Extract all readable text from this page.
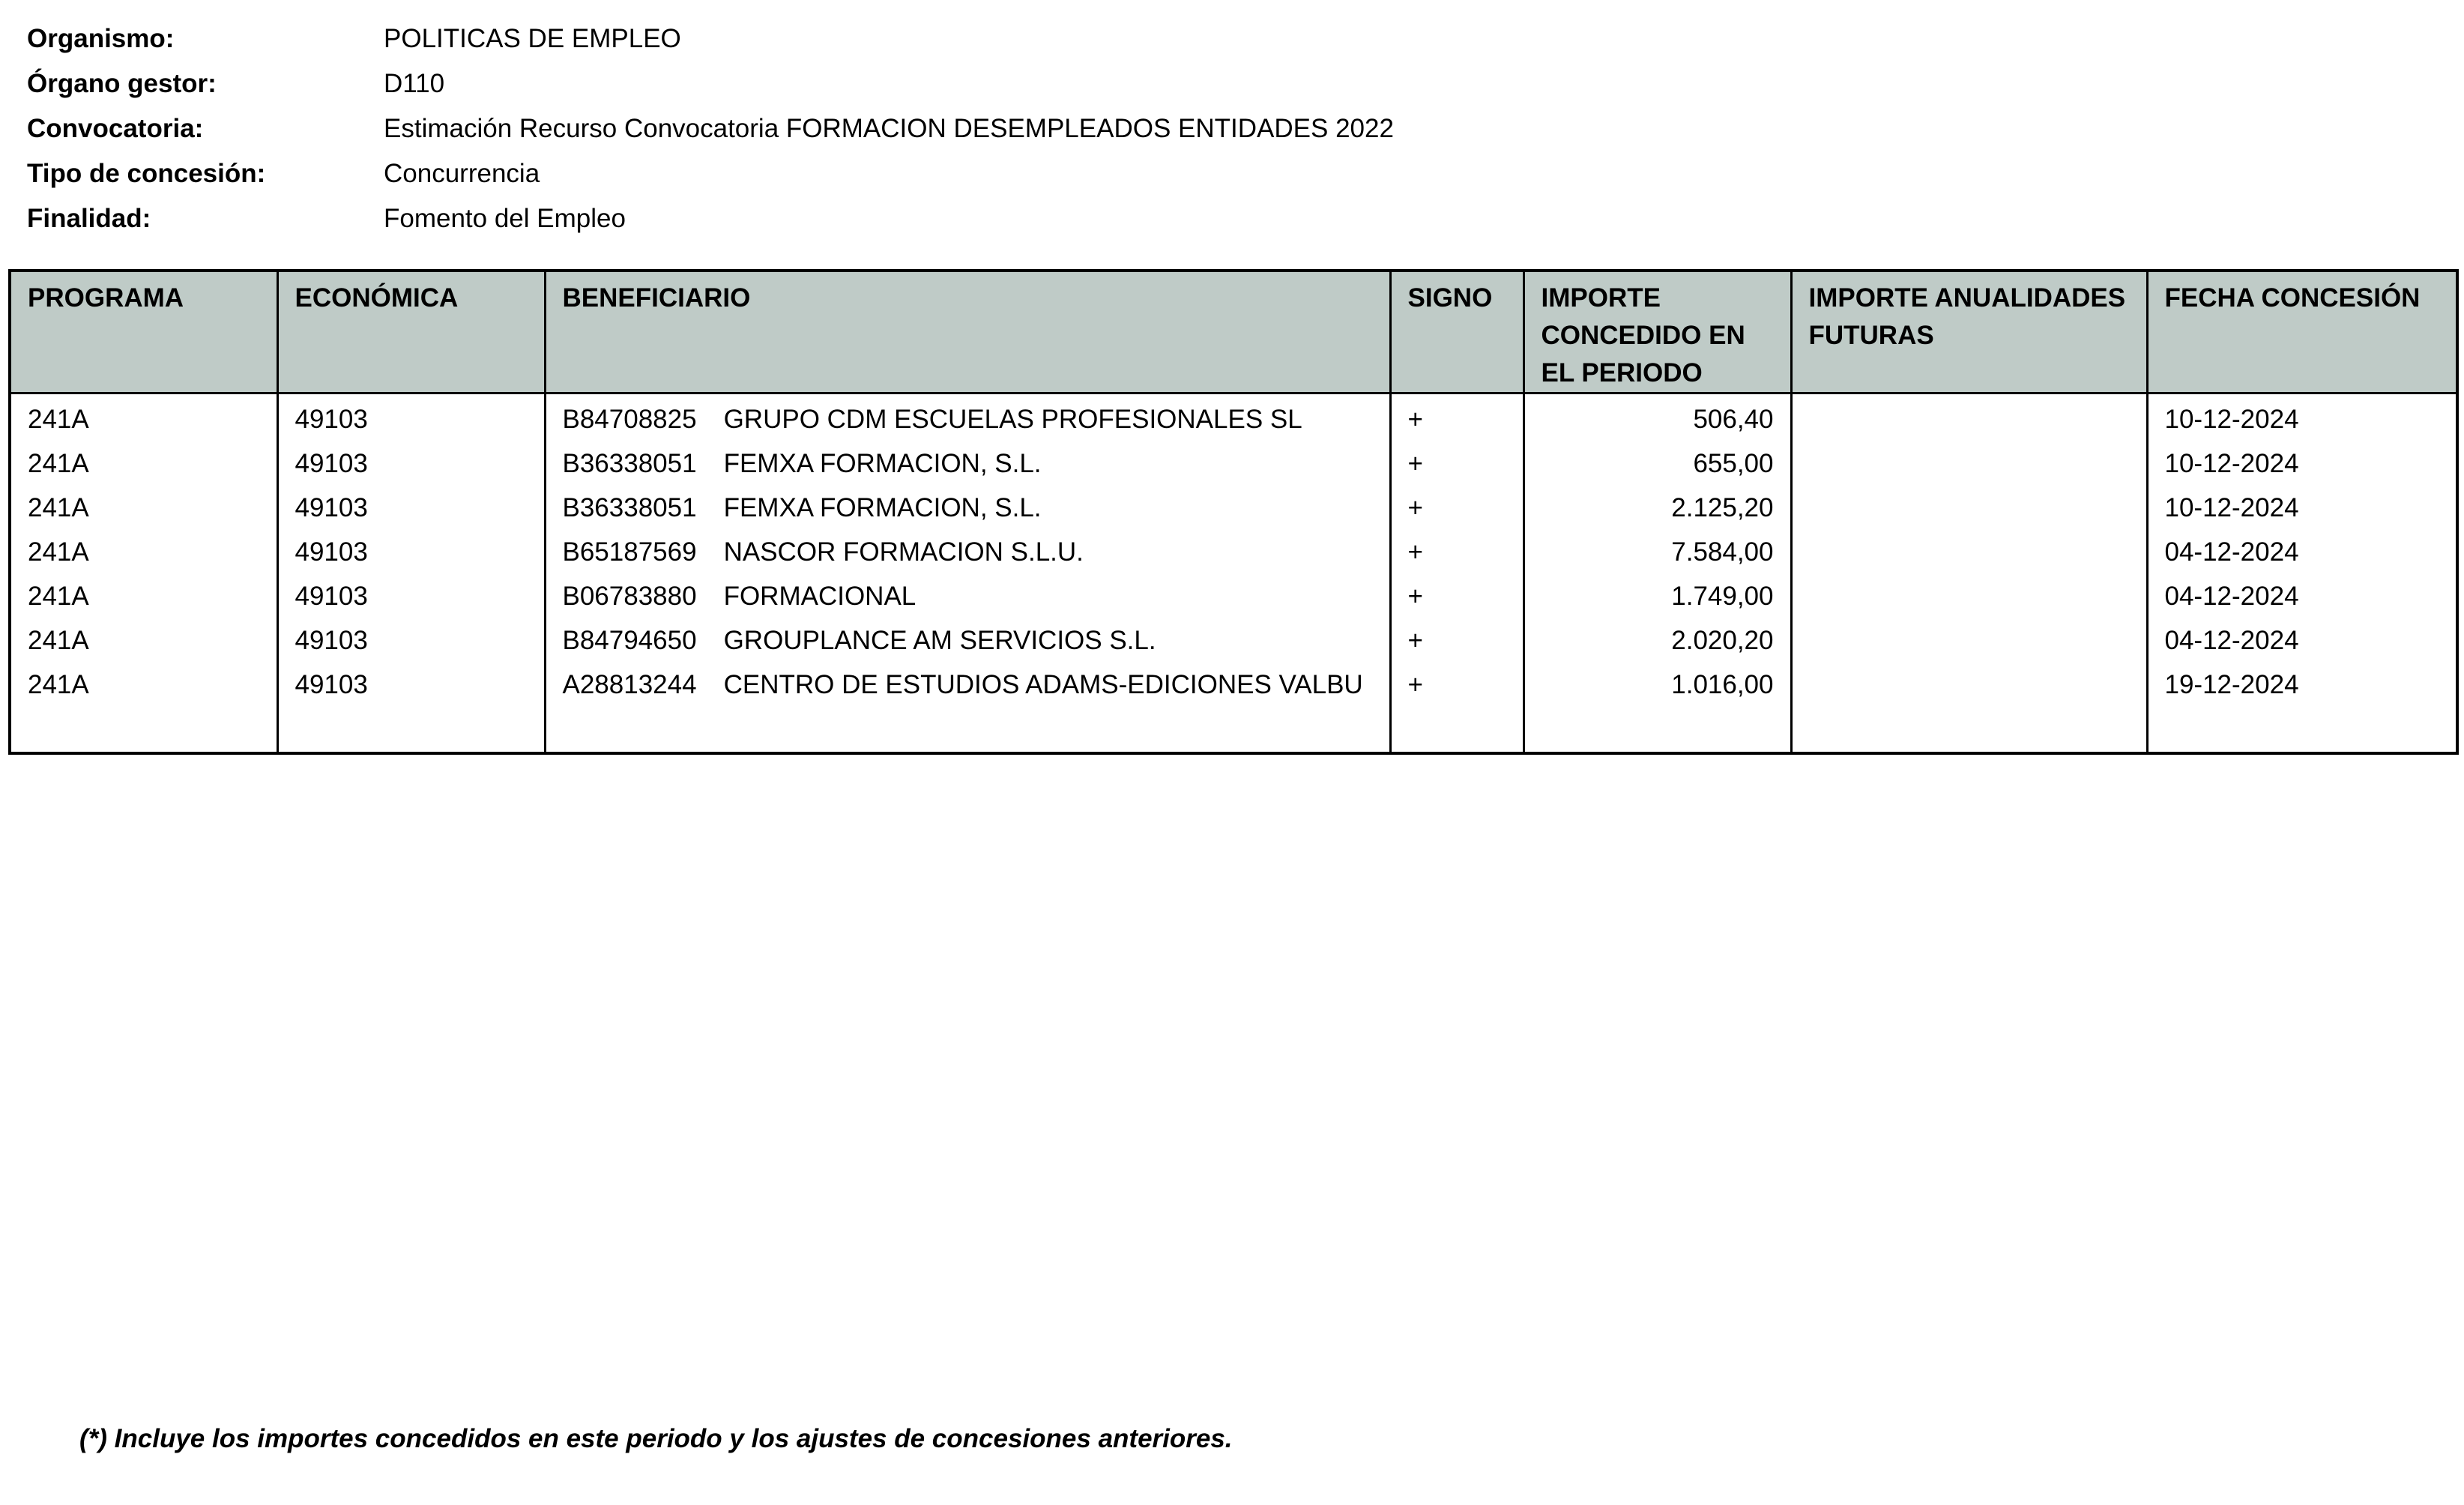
Organismo:	POLITICAS DE EMPLEO
Órgano gestor:	D110
Convocatoria:	Estimación Recurso Convocatoria FORMACION DESEMPLEADOS ENTIDADES 2022
Tipo de concesión:	Concurrencia
Finalidad:	Fomento del Empleo
PROGRAMA	ECONÓMICA	BENEFICIARIO	SIGNO	IMPORTE CONCEDIDO EN EL PERIODO	IMPORTE ANUALIDADES FUTURAS	FECHA CONCESIÓN
241A	49103	B84708825 GRUPO CDM ESCUELAS PROFESIONALES SL	+	506,40		10-12-2024
241A	49103	B36338051 FEMXA FORMACION, S.L.	+	655,00		10-12-2024
241A	49103	B36338051 FEMXA FORMACION, S.L.	+	2.125,20		10-12-2024
241A	49103	B65187569 NASCOR FORMACION S.L.U.	+	7.584,00		04-12-2024
241A	49103	B06783880 FORMACIONAL	+	1.749,00		04-12-2024
241A	49103	B84794650 GROUPLANCE AM SERVICIOS S.L.	+	2.020,20		04-12-2024
241A	49103	A28813244 CENTRO DE ESTUDIOS ADAMS-EDICIONES VALBU	+	1.016,00		19-12-2024
(*) Incluye los importes concedidos en este periodo y los ajustes de concesiones anteriores.
